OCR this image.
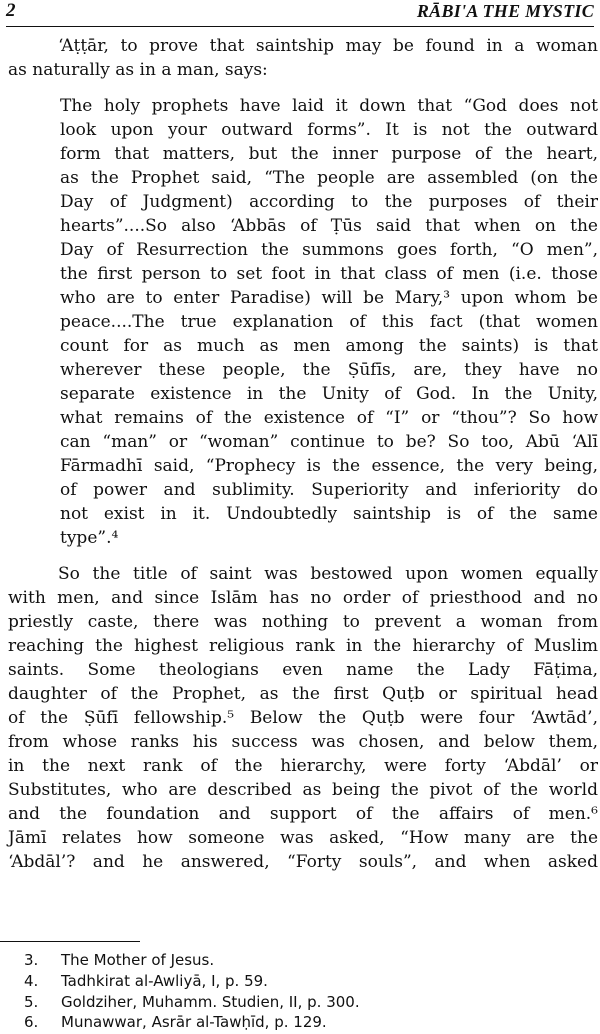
2	RĀBI'A THE MYSTIC
‘Aṭṭār, to prove that saintship may be found in a woman
as naturally as in a man, says:
The holy prophets have laid it down that “God does not
look upon your outward forms”. It is not the outward
form that matters, but the inner purpose of the heart,
as the Prophet said, “The people are assembled (on the
Day of Judgment) according to the purposes of their
hearts”....So also ‘Abbās of Ṭūs said that when on the
Day of Resurrection the summons goes forth, “O men”,
the first person to set foot in that class of men (i.e. those
who are to enter Paradise) will be Mary,³ upon whom be
peace....The true explanation of this fact (that women
count for as much as men among the saints) is that
wherever these people, the Ṣūfīs, are, they have no
separate existence in the Unity of God. In the Unity,
what remains of the existence of “I” or “thou”? So how
can “man” or “woman” continue to be? So too, Abū ‘Alī
Fārmadhī said, “Prophecy is the essence, the very being,
of power and sublimity. Superiority and inferiority do
not exist in it. Undoubtedly saintship is of the same
type”.⁴
So the title of saint was bestowed upon women equally
with men, and since Islām has no order of priesthood and no
priestly caste, there was nothing to prevent a woman from
reaching the highest religious rank in the hierarchy of Muslim
saints. Some theologians even name the Lady Fāṭima,
daughter of the Prophet, as the first Quṭb or spiritual head
of the Ṣūfī fellowship.⁵ Below the Quṭb were four ‘Awtād’,
from whose ranks his success was chosen, and below them,
in the next rank of the hierarchy, were forty ‘Abdāl’ or
Substitutes, who are described as being the pivot of the world
and the foundation and support of the affairs of men.⁶
Jāmī relates how someone was asked, “How many are the
‘Abdāl’? and he answered, “Forty souls”, and when asked
3. The Mother of Jesus.
4. Tadhkirat al-Awliyā, I, p. 59.
5. Goldziher, Muhamm. Studien, II, p. 300.
6. Munawwar, Asrār al-Tawḥīd, p. 129.
